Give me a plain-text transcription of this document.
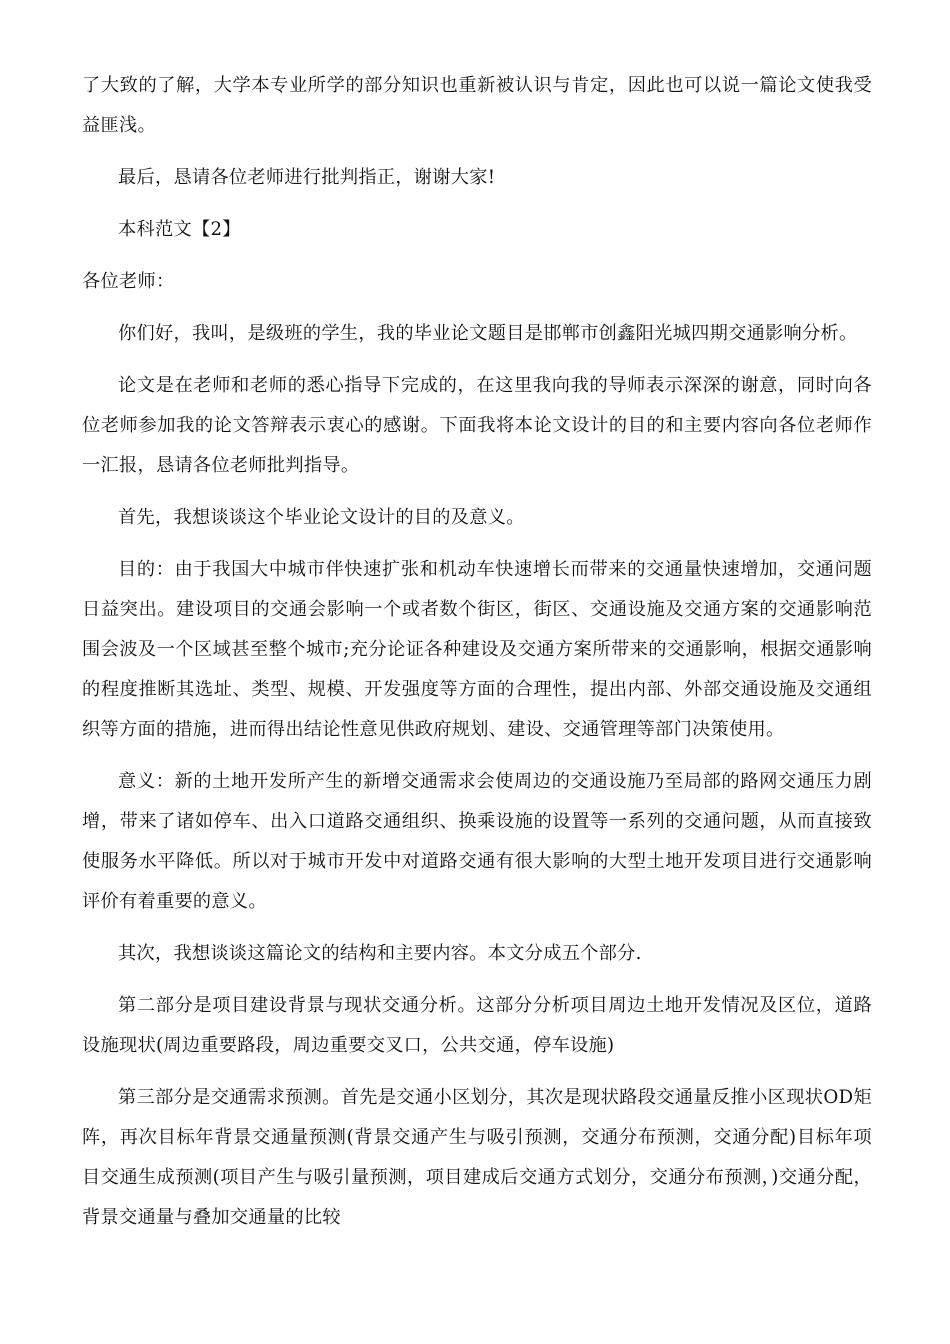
了大致的了解，大学本专业所学的部分知识也重新被认识与肯定，因此也可以说一篇论文使我受益匪浅。

最后，恳请各位老师进行批判指正，谢谢大家!

本科范文【2】

各位老师：

你们好，我叫，是级班的学生，我的毕业论文题目是邯郸市创鑫阳光城四期交通影响分析。

论文是在老师和老师的悉心指导下完成的，在这里我向我的导师表示深深的谢意，同时向各位老师参加我的论文答辩表示衷心的感谢。下面我将本论文设计的目的和主要内容向各位老师作一汇报，恳请各位老师批判指导。

首先，我想谈谈这个毕业论文设计的目的及意义。

目的：由于我国大中城市伴快速扩张和机动车快速增长而带来的交通量快速增加，交通问题日益突出。建设项目的交通会影响一个或者数个街区，街区、交通设施及交通方案的交通影响范围会波及一个区域甚至整个城市;充分论证各种建设及交通方案所带来的交通影响，根据交通影响的程度推断其选址、类型、规模、开发强度等方面的合理性，提出内部、外部交通设施及交通组织等方面的措施，进而得出结论性意见供政府规划、建设、交通管理等部门决策使用。

意义：新的土地开发所产生的新增交通需求会使周边的交通设施乃至局部的路网交通压力剧增，带来了诸如停车、出入口道路交通组织、换乘设施的设置等一系列的交通问题，从而直接致使服务水平降低。所以对于城市开发中对道路交通有很大影响的大型土地开发项目进行交通影响评价有着重要的意义。

其次，我想谈谈这篇论文的结构和主要内容。本文分成五个部分.

第二部分是项目建设背景与现状交通分析。这部分分析项目周边土地开发情况及区位，道路设施现状(周边重要路段，周边重要交叉口，公共交通，停车设施)

第三部分是交通需求预测。首先是交通小区划分，其次是现状路段交通量反推小区现状OD矩阵，再次目标年背景交通量预测(背景交通产生与吸引预测，交通分布预测，交通分配)目标年项目交通生成预测(项目产生与吸引量预测，项目建成后交通方式划分，交通分布预测，)交通分配，背景交通量与叠加交通量的比较
